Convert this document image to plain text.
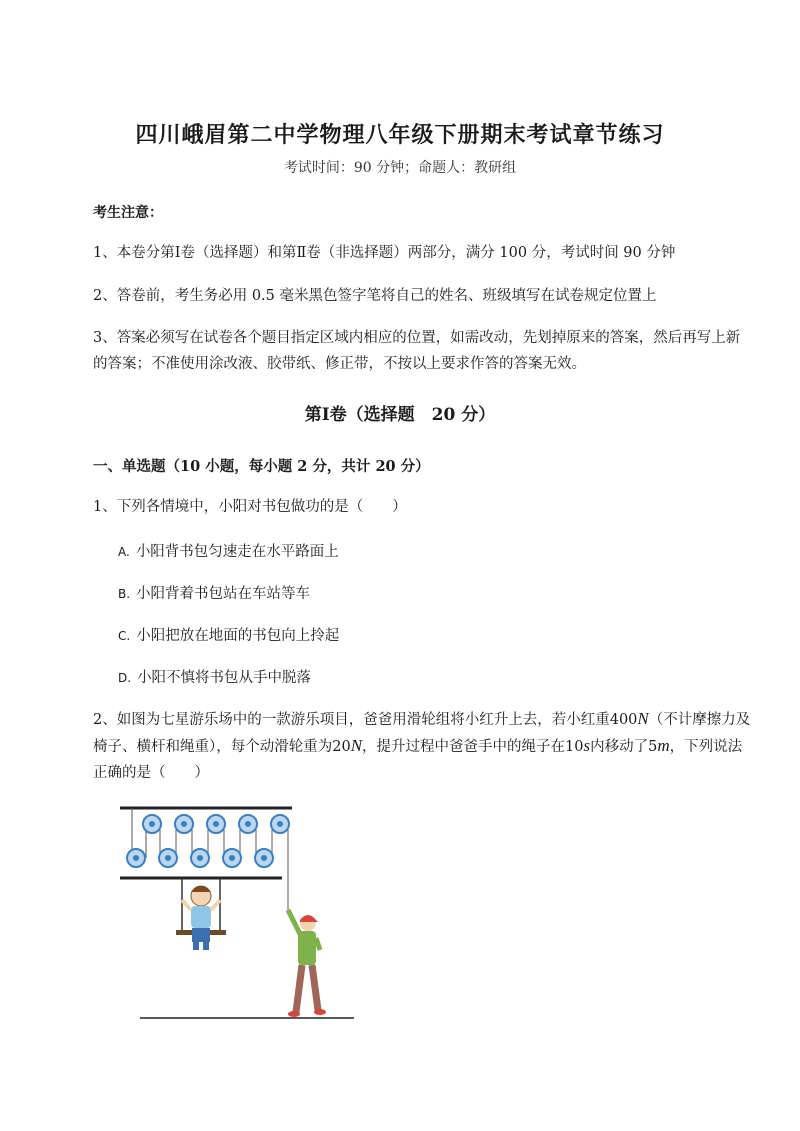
四川峨眉第二中学物理八年级下册期末考试章节练习
考试时间：90 分钟；命题人：教研组
考生注意：
1、本卷分第Ⅰ卷（选择题）和第Ⅱ卷（非选择题）两部分，满分 100 分，考试时间 90 分钟
2、答卷前，考生务必用 0.5 毫米黑色签字笔将自己的姓名、班级填写在试卷规定位置上
3、答案必须写在试卷各个题目指定区域内相应的位置，如需改动，先划掉原来的答案，然后再写上新的答案；不准使用涂改液、胶带纸、修正带，不按以上要求作答的答案无效。
第Ⅰ卷（选择题　20 分）
一、单选题（10 小题，每小题 2 分，共计 20 分）
1、下列各情境中，小阳对书包做功的是（　　）
A. 小阳背书包匀速走在水平路面上
B. 小阳背着书包站在车站等车
C. 小阳把放在地面的书包向上拎起
D. 小阳不慎将书包从手中脱落
2、如图为七星游乐场中的一款游乐项目，爸爸用滑轮组将小红升上去，若小红重400N（不计摩擦力及椅子、横杆和绳重），每个动滑轮重为20N，提升过程中爸爸手中的绳子在10s内移动了5m，下列说法正确的是（　　）
